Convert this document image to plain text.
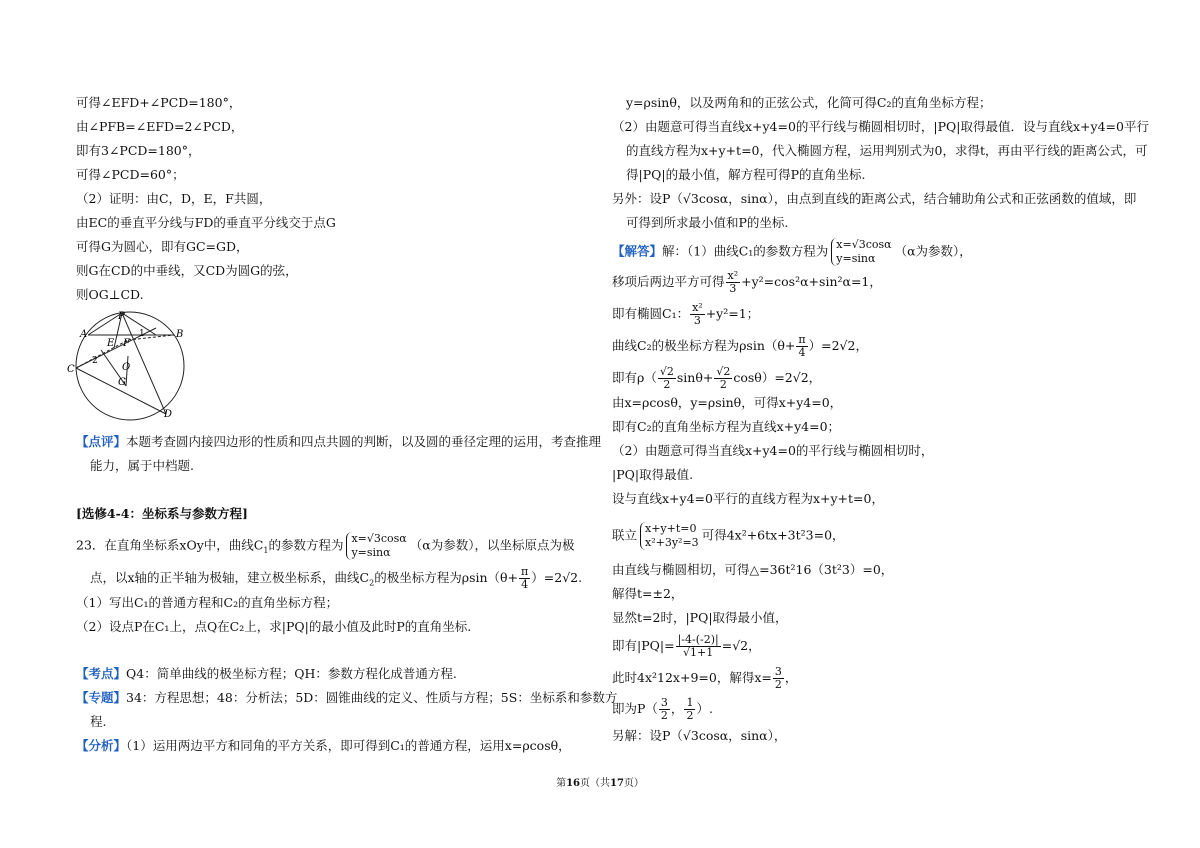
可得∠EFD+∠PCD=180°，
由∠PFB=∠EFD=2∠PCD，
即有3∠PCD=180°，
可得∠PCD=60°；
（2）证明：由C，D，E，F共圆，
由EC的垂直平分线与FD的垂直平分线交于点G
可得G为圆心，即有GC=GD，
则G在CD的中垂线，又CD为圆G的弦，
则OG⊥CD.
P
A	B
E F
C	O
G
D
1
2
【点评】本题考查圆内接四边形的性质和四点共圆的判断，以及圆的垂径定理的运用，考查推理
能力，属于中档题.
[选修4-4：坐标系与参数方程]
23．在直角坐标系xOy中，曲线$C_1$的参数方程为 x=√3cosα
y=sinα （α为参数），以坐标原点为极
点，以x轴的正半轴为极轴，建立极坐标系，曲线$C_2$的极坐标方程为$\rho\sin(\theta+ \frac{\pi}{4} )=2√2$.
（1）写出C₁的普通方程和C₂的直角坐标方程；
（2）设点P在C₁上，点Q在C₂上，求|PQ|的最小值及此时P的直角坐标.
【考点】Q4：简单曲线的极坐标方程；QH：参数方程化成普通方程.
【专题】34：方程思想；48：分析法；5D：圆锥曲线的定义、性质与方程；5S：坐标系和参数方
程.
【分析】（1）运用两边平方和同角的平方关系，即可得到C₁的普通方程，运用x=ρcosθ，
y=ρsinθ，以及两角和的正弦公式，化简可得C₂的直角坐标方程；
（2）由题意可得当直线x+y￼4=0的平行线与椭圆相切时，|PQ|取得最值．设与直线x+y￼4=0平行
的直线方程为x+y+t=0，代入椭圆方程，运用判别式为0，求得t，再由平行线的距离公式，可
得|PQ|的最小值，解方程可得P的直角坐标.
另外：设P（√3cosα，sinα），由点到直线的距离公式，结合辅助角公式和正弦函数的值域，即
可得到所求最小值和P的坐标.
【解答】解：（1）曲线C₁的参数方程为 x=√3cosα
y=sinα （α为参数），
移项后两边平方可得 $\frac{\text{x²}}{3} +y^2=\cos^2\alpha+\sin^2\alpha=1$，
即有椭圆C₁： $\frac{\text{x²}}{3} +y^2=1$；
曲线C₂的极坐标方程为$\rho\sin(\theta+ \frac{\pi}{4} )=2√2$，
即有$\rho( \frac{√2}{2} \sin\theta+ \frac{√2}{2} \cos\theta)=2√2$，
由x=ρcosθ，y=ρsinθ，可得x+y￼4=0，
即有C₂的直角坐标方程为直线x+y￼4=0；
（2）由题意可得当直线x+y￼4=0的平行线与椭圆相切时，
|PQ|取得最值.
设与直线x+y￼4=0平行的直线方程为x+y+t=0，
联立 x+y+t=0
x²+3y²=3 可得4x²+6tx+3t²￼3=0，
由直线与椭圆相切，可得△=36t²￼16（3t²￼3）=0，
解得t=±2，
显然t=￼2时，|PQ|取得最小值，
即有$|PQ|= \frac{|-4-(-2)|}{√1+1} =√2$，
此时4x²￼12x+9=0，解得$x= \frac{3}{2}$ ，
即为$P( \frac{3}{2}$ ， $\frac{1}{2}$ ）.
另解：设P（√3cosα，sinα），
第16页（共17页）
